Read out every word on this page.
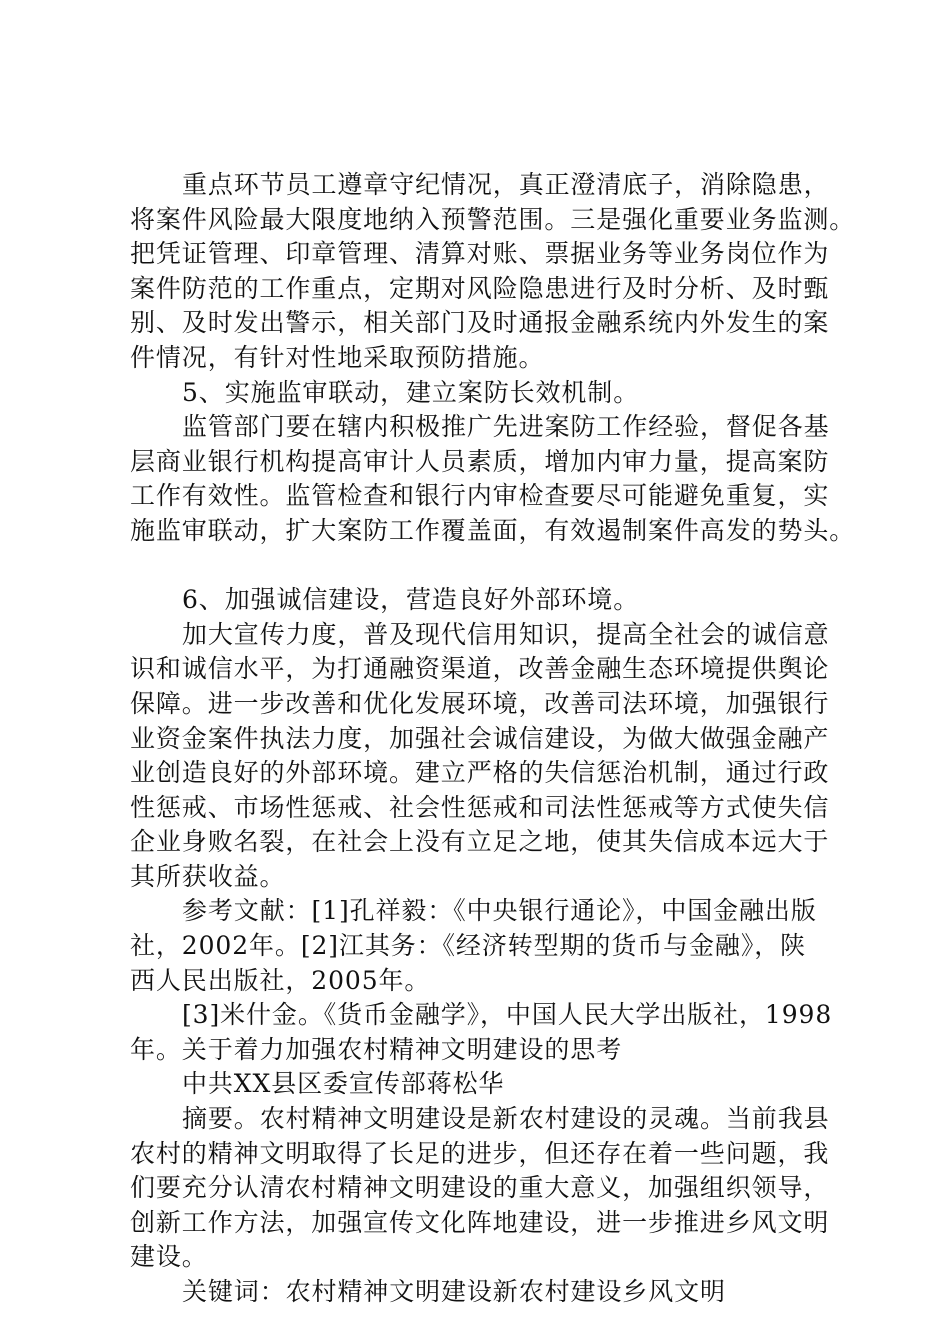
重点环节员工遵章守纪情况，真正澄清底子，消除隐患，
将案件风险最大限度地纳入预警范围。三是强化重要业务监测。
把凭证管理、印章管理、清算对账、票据业务等业务岗位作为
案件防范的工作重点，定期对风险隐患进行及时分析、及时甄
别、及时发出警示，相关部门及时通报金融系统内外发生的案
件情况，有针对性地采取预防措施。
5、实施监审联动，建立案防长效机制。
监管部门要在辖内积极推广先进案防工作经验，督促各基
层商业银行机构提高审计人员素质，增加内审力量，提高案防
工作有效性。监管检查和银行内审检查要尽可能避免重复，实
施监审联动，扩大案防工作覆盖面，有效遏制案件高发的势头。
6、加强诚信建设，营造良好外部环境。
加大宣传力度，普及现代信用知识，提高全社会的诚信意
识和诚信水平，为打通融资渠道，改善金融生态环境提供舆论
保障。进一步改善和优化发展环境，改善司法环境，加强银行
业资金案件执法力度，加强社会诚信建设，为做大做强金融产
业创造良好的外部环境。建立严格的失信惩治机制，通过行政
性惩戒、市场性惩戒、社会性惩戒和司法性惩戒等方式使失信
企业身败名裂，在社会上没有立足之地，使其失信成本远大于
其所获收益。
参考文献：[1]孔祥毅：《中央银行通论》，中国金融出版
社，2002年。[2]江其务：《经济转型期的货币与金融》，陕
西人民出版社，2005年。
[3]米什金。《货币金融学》，中国人民大学出版社，1998
年。关于着力加强农村精神文明建设的思考
中共XX县区委宣传部蒋松华
摘要。农村精神文明建设是新农村建设的灵魂。当前我县
农村的精神文明取得了长足的进步，但还存在着一些问题，我
们要充分认清农村精神文明建设的重大意义，加强组织领导，
创新工作方法，加强宣传文化阵地建设，进一步推进乡风文明
建设。
关键词：农村精神文明建设新农村建设乡风文明
